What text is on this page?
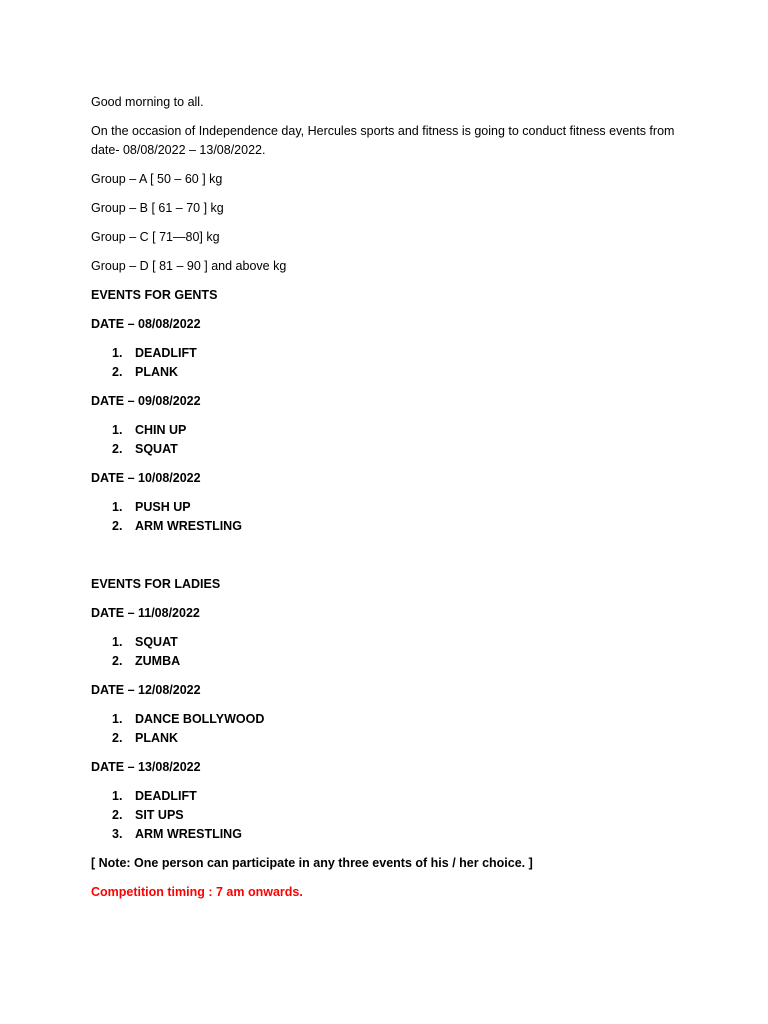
Good morning to all.

On the occasion of Independence day, Hercules sports and fitness is going to conduct fitness events from date- 08/08/2022 – 13/08/2022.

Group – A [ 50 – 60 ] kg

Group – B [ 61 – 70 ] kg

Group – C [ 71—80] kg

Group – D [ 81 – 90 ] and above kg

EVENTS FOR GENTS

DATE – 08/08/2022

1. DEADLIFT
2. PLANK

DATE – 09/08/2022

1. CHIN UP
2. SQUAT

DATE – 10/08/2022

1. PUSH UP
2. ARM WRESTLING

EVENTS FOR LADIES

DATE – 11/08/2022

1. SQUAT
2. ZUMBA

DATE – 12/08/2022

1. DANCE BOLLYWOOD
2. PLANK

DATE – 13/08/2022

1. DEADLIFT
2. SIT UPS
3. ARM WRESTLING

[ Note: One person can participate in any three events of his / her choice. ]

Competition timing : 7 am onwards.
